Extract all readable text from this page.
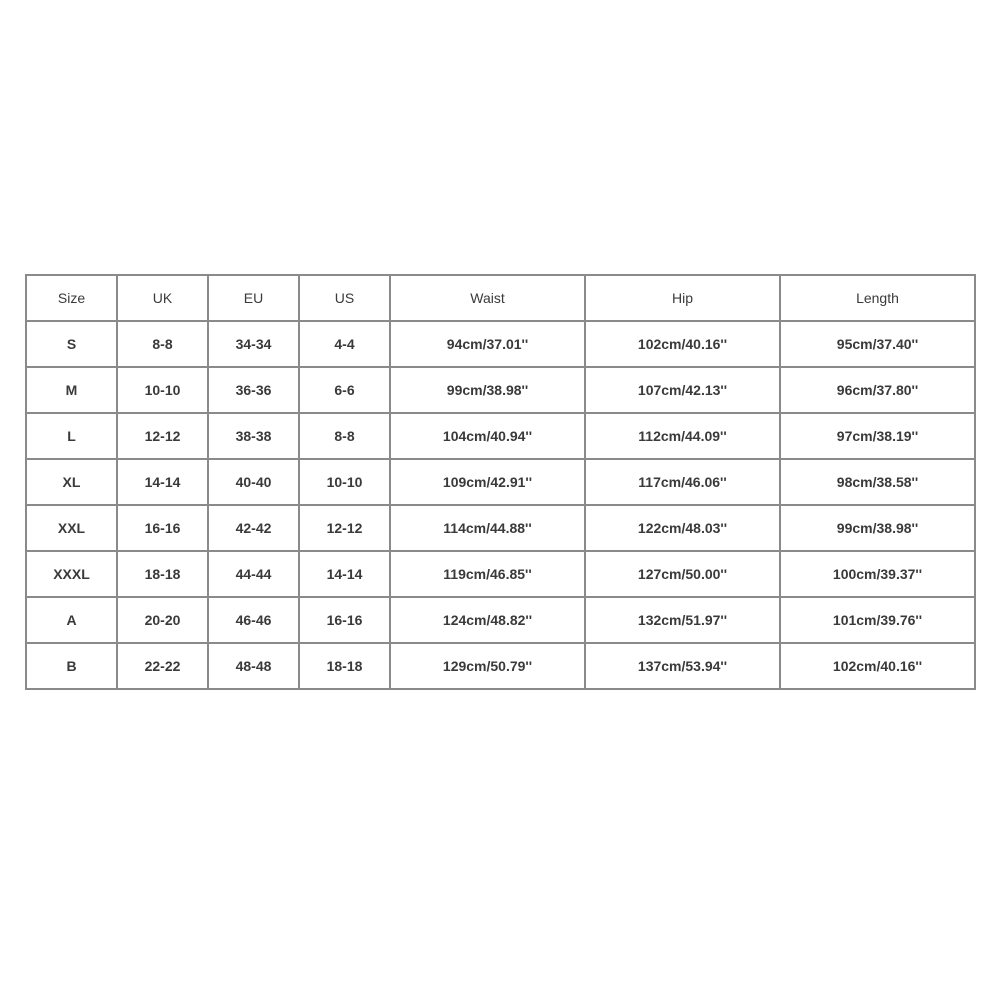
Size	UK	EU	US	Waist	Hip	Length
S	8-8	34-34	4-4	94cm/37.01''	102cm/40.16''	95cm/37.40''
M	10-10	36-36	6-6	99cm/38.98''	107cm/42.13''	96cm/37.80''
L	12-12	38-38	8-8	104cm/40.94''	112cm/44.09''	97cm/38.19''
XL	14-14	40-40	10-10	109cm/42.91''	117cm/46.06''	98cm/38.58''
XXL	16-16	42-42	12-12	114cm/44.88''	122cm/48.03''	99cm/38.98''
XXXL	18-18	44-44	14-14	119cm/46.85''	127cm/50.00''	100cm/39.37''
A	20-20	46-46	16-16	124cm/48.82''	132cm/51.97''	101cm/39.76''
B	22-22	48-48	18-18	129cm/50.79''	137cm/53.94''	102cm/40.16''
